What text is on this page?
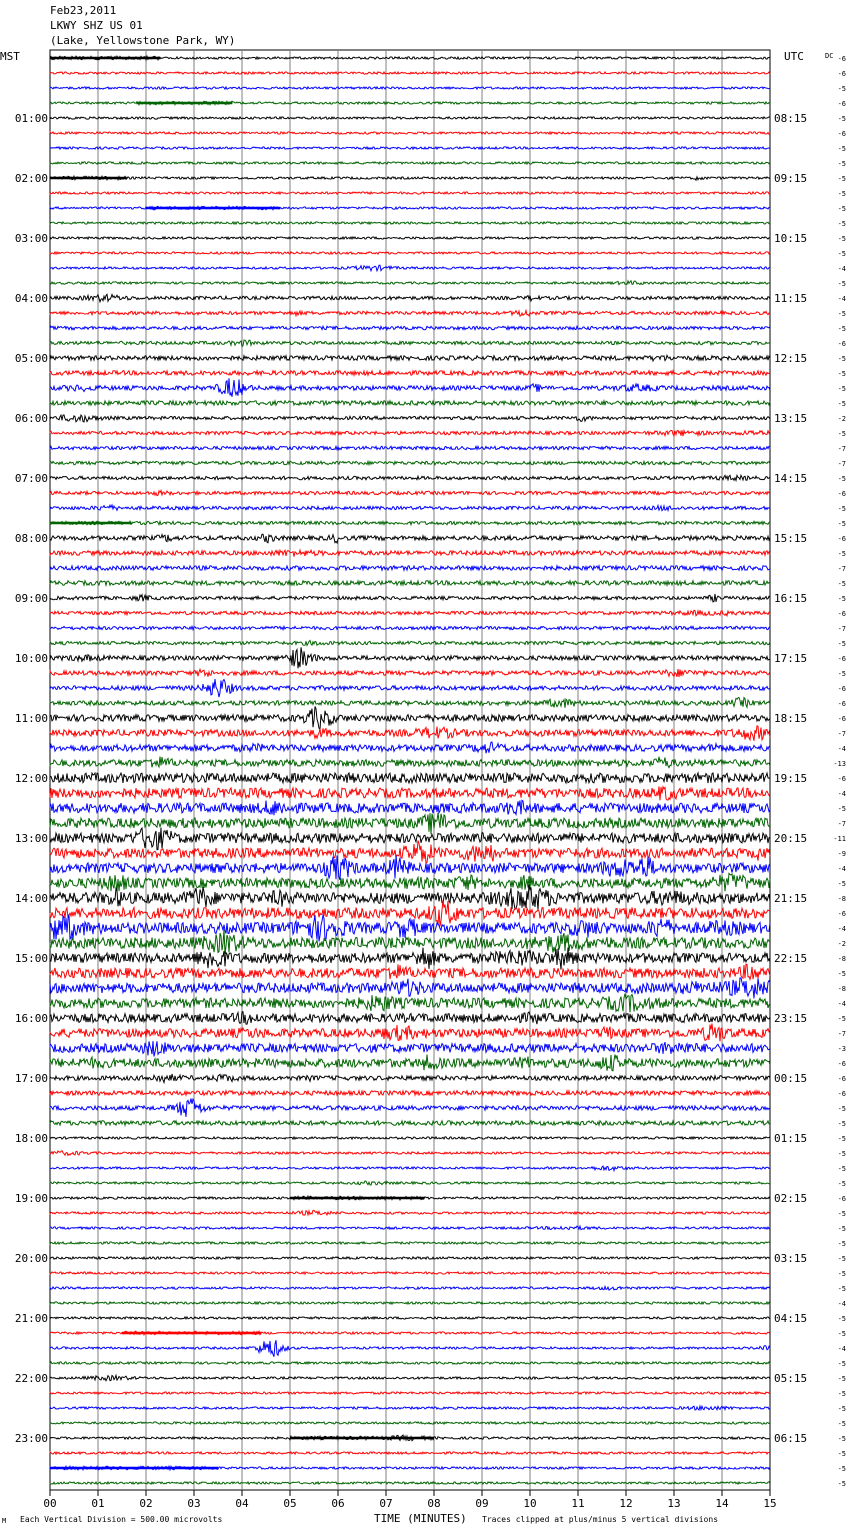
Feb23,2011
LKWY SHZ US 01
(Lake, Yellowstone Park, WY)
MST	UTC	DC -6
-6
-5
-6
-5
-6
-5
-5
-5
-5
-5
-5
-5
-5
-4
-5
-4
-5
-5
-6
-5
-5
-5
-5
-2
-5
-7
-7
-5
-6
-5
-5
-6
-5
-7
-5
-5
-6
-7
-5
-6
-5
-6
-6
-6
-7
-4
-13
-6
-4
-5
-7
-11
-9
-4
-5
-8
-6
-4
-2
-8
-5
-8
-4
-5
-7
-3
-6
-6
-6
-5
-5
-5
-5
-5
-5
-6
-5
-5
-5
-5
-5
-5
-4
-5
-5
-4
-5
-5
-5
-5
-5
-5
-5
-5
-5
01:00	08:15
02:00	09:15
03:00	10:15
04:00	11:15
05:00	12:15
06:00	13:15
07:00	14:15
08:00	15:15
09:00	16:15
10:00	17:15
11:00	18:15
12:00	19:15
13:00	20:15
14:00	21:15
15:00	22:15
16:00	23:15
17:00	00:15
18:00	01:15
19:00	02:15
20:00	03:15
21:00	04:15
22:00	05:15
23:00	06:15
00	01	02	03	04	05	06	07	08	09	10	11	12	13	14	15
M Each Vertical Division = 500.00 microvolts	TIME (MINUTES) Traces clipped at plus/minus 5 vertical divisions
